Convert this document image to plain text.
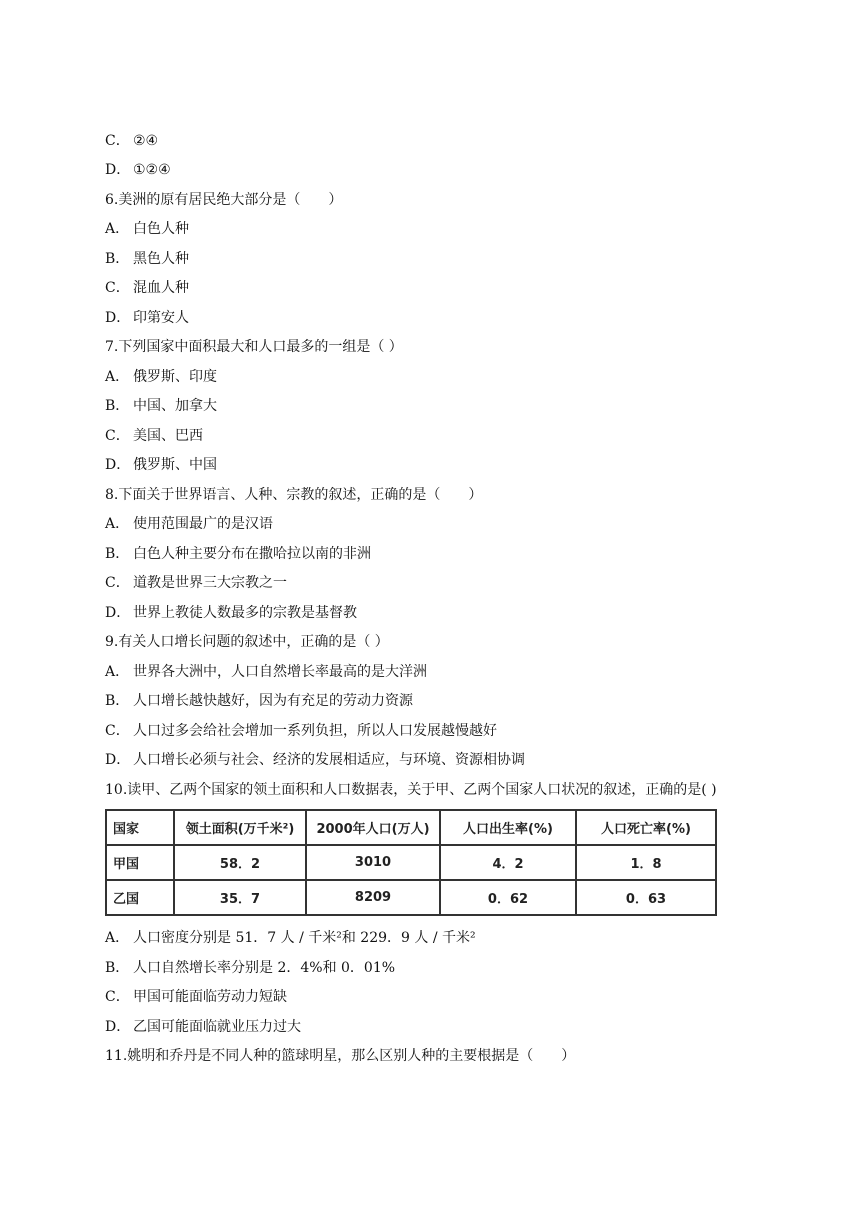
C． ②④
D． ①②④
6.美洲的原有居民绝大部分是（　　）
A． 白色人种
B． 黑色人种
C． 混血人种
D． 印第安人
7.下列国家中面积最大和人口最多的一组是（ ）
A． 俄罗斯、印度
B． 中国、加拿大
C． 美国、巴西
D． 俄罗斯、中国
8.下面关于世界语言、人种、宗教的叙述，正确的是（　　）
A． 使用范围最广的是汉语
B． 白色人种主要分布在撒哈拉以南的非洲
C． 道教是世界三大宗教之一
D． 世界上教徒人数最多的宗教是基督教
9.有关人口增长问题的叙述中，正确的是（ ）
A． 世界各大洲中，人口自然增长率最高的是大洋洲
B． 人口增长越快越好，因为有充足的劳动力资源
C． 人口过多会给社会增加一系列负担，所以人口发展越慢越好
D． 人口增长必须与社会、经济的发展相适应，与环境、资源相协调
10.读甲、乙两个国家的领土面积和人口数据表，关于甲、乙两个国家人口状况的叙述，正确的是( )
国家	领土面积(万千米²)	2000年人口(万人)	人口出生率(%)	人口死亡率(%)
甲国	58．2	3010	4．2	1．8
乙国	35．7	8209	0．62	0．63
A． 人口密度分别是 51．7 人 / 千米²和 229．9 人 / 千米²
B． 人口自然增长率分别是 2．4%和 0．01%
C． 甲国可能面临劳动力短缺
D． 乙国可能面临就业压力过大
11.姚明和乔丹是不同人种的篮球明星，那么区别人种的主要根据是（　　）
